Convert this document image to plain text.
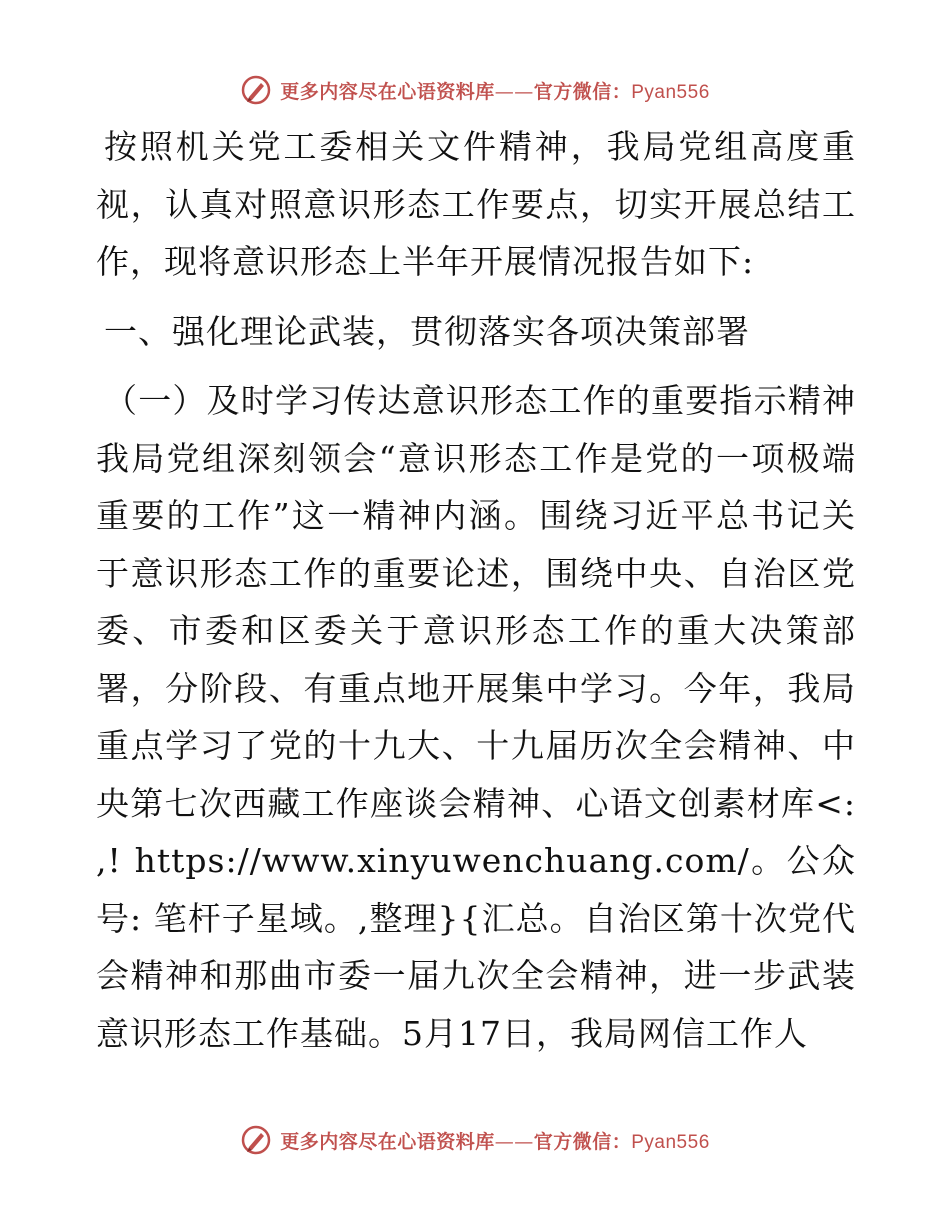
更多内容尽在心语资料库——官方微信：Pyan556

按照机关党工委相关文件精神，我局党组高度重视，认真对照意识形态工作要点，切实开展总结工作，现将意识形态上半年开展情况报告如下:

一、强化理论武装，贯彻落实各项决策部署

（一）及时学习传达意识形态工作的重要指示精神我局党组深刻领会“意识形态工作是党的一项极端重要的工作”这一精神内涵。围绕习近平总书记关于意识形态工作的重要论述，围绕中央、自治区党委、市委和区委关于意识形态工作的重大决策部署，分阶段、有重点地开展集中学习。今年，我局重点学习了党的十九大、十九届历次全会精神、中央第七次西藏工作座谈会精神、心语文创素材库<: ,! https://www.xinyuwenchuang.com/。公众号: 笔杆子星域。,整理}{汇总。自治区第十次党代会精神和那曲市委一届九次全会精神，进一步武装意识形态工作基础。5月17日，我局网信工作人

更多内容尽在心语资料库——官方微信：Pyan556
